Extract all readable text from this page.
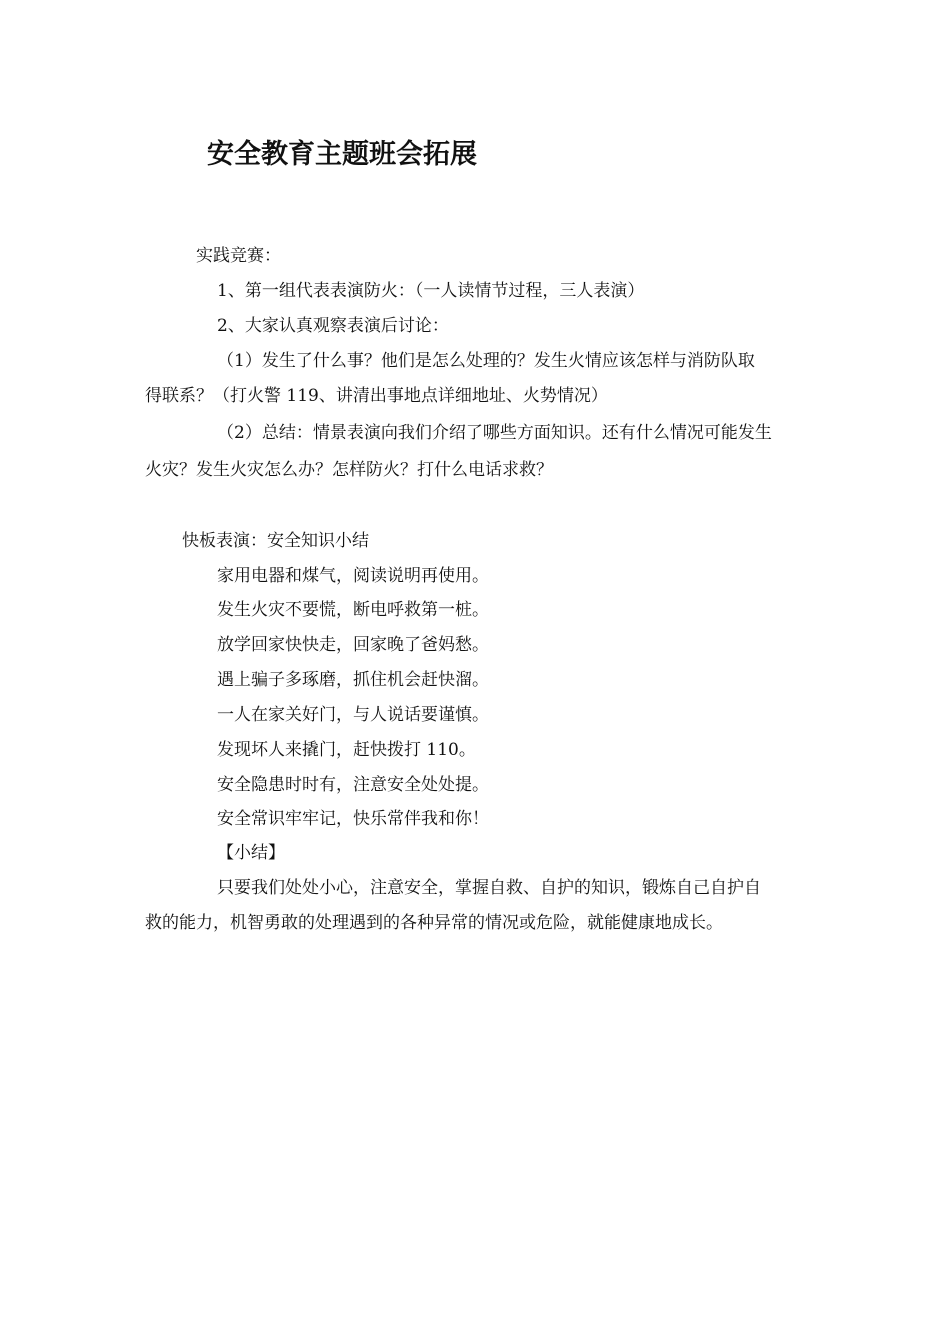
安全教育主题班会拓展
实践竞赛：
1、第一组代表表演防火：（一人读情节过程，三人表演）
2、大家认真观察表演后讨论：
（1）发生了什么事？他们是怎么处理的？发生火情应该怎样与消防队取
得联系？（打火警 119、讲清出事地点详细地址、火势情况）
（2）总结：情景表演向我们介绍了哪些方面知识。还有什么情况可能发生
火灾？发生火灾怎么办？怎样防火？打什么电话求救？
快板表演：安全知识小结
家用电器和煤气，阅读说明再使用。
发生火灾不要慌，断电呼救第一桩。
放学回家快快走，回家晚了爸妈愁。
遇上骗子多琢磨，抓住机会赶快溜。
一人在家关好门，与人说话要谨慎。
发现坏人来撬门，赶快拨打 110。
安全隐患时时有，注意安全处处提。
安全常识牢牢记，快乐常伴我和你！
【小结】
只要我们处处小心，注意安全，掌握自救、自护的知识，锻炼自己自护自
救的能力，机智勇敢的处理遇到的各种异常的情况或危险，就能健康地成长。
